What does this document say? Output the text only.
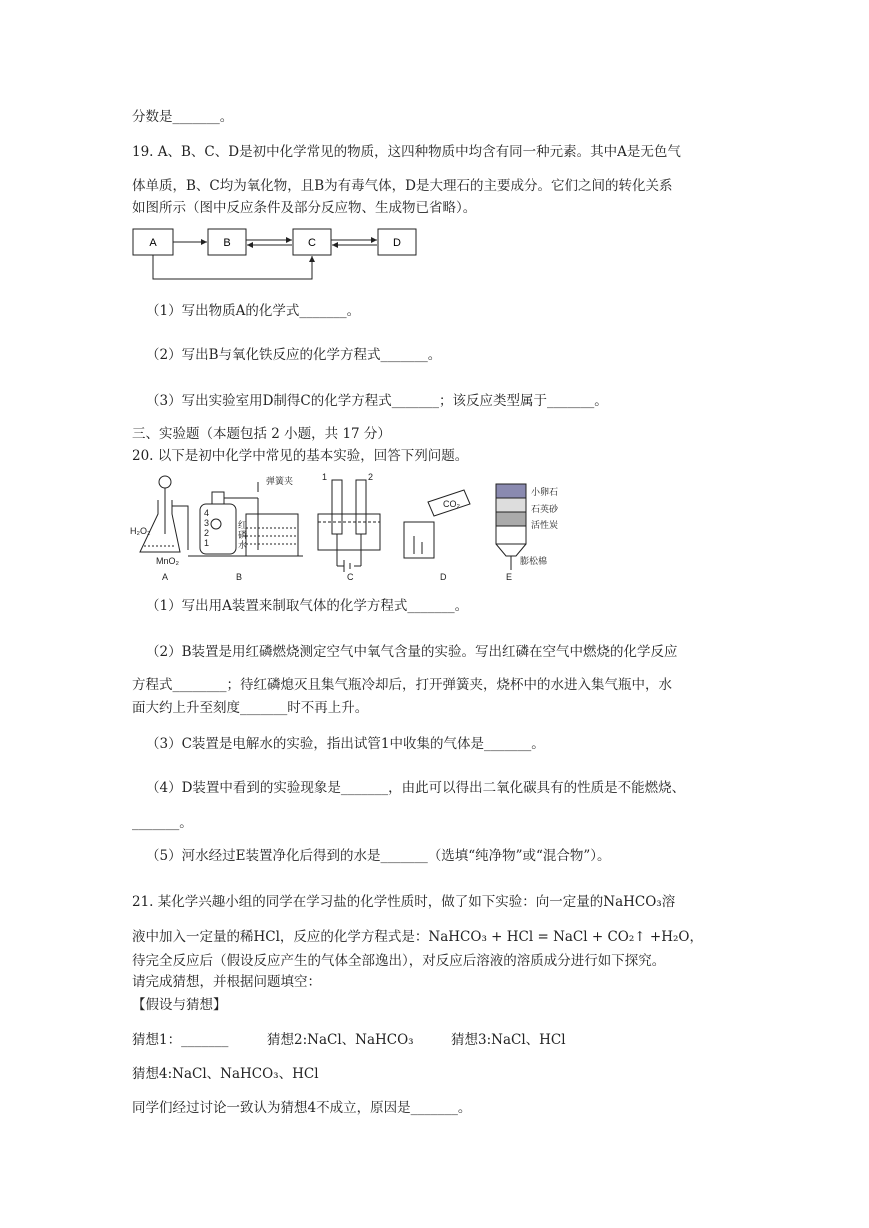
分数是_______。
19. A、B、C、D是初中化学常见的物质，这四种物质中均含有同一种元素。其中A是无色气
体单质，B、C均为氧化物，且B为有毒气体，D是大理石的主要成分。它们之间的转化关系
如图所示（图中反应条件及部分反应物、生成物已省略）。
A	B	C	D
（1）写出物质A的化学式_______。
（2）写出B与氧化铁反应的化学方程式_______。
（3）写出实验室用D制得C的化学方程式_______；该反应类型属于_______。
三、实验题（本题包括 2 小题，共 17 分）
20. 以下是初中化学中常见的基本实验，回答下列问题。
H₂O₂
MnO₂
A
弹簧夹
4
3
2
1
红
磷
水
B
1	2
C
CO₂
D
小卵石
石英砂
活性炭
膨松棉
E
（1）写出用A装置来制取气体的化学方程式_______。
（2）B装置是用红磷燃烧测定空气中氧气含量的实验。写出红磷在空气中燃烧的化学反应
方程式________；待红磷熄灭且集气瓶冷却后，打开弹簧夹，烧杯中的水进入集气瓶中，水
面大约上升至刻度_______时不再上升。
（3）C装置是电解水的实验，指出试管1中收集的气体是_______。
（4）D装置中看到的实验现象是_______，由此可以得出二氧化碳具有的性质是不能燃烧、
_______。
（5）河水经过E装置净化后得到的水是_______（选填“纯净物”或“混合物”）。
21. 某化学兴趣小组的同学在学习盐的化学性质时，做了如下实验：向一定量的NaHCO₃溶
液中加入一定量的稀HCl，反应的化学方程式是：NaHCO₃ + HCl = NaCl + CO₂↑ +H₂O，
待完全反应后（假设反应产生的气体全部逸出），对反应后溶液的溶质成分进行如下探究。
请完成猜想，并根据问题填空：
【假设与猜想】
猜想1：_______	猜想2:NaCl、NaHCO₃	猜想3:NaCl、HCl
猜想4:NaCl、NaHCO₃、HCl
同学们经过讨论一致认为猜想4不成立，原因是_______。
